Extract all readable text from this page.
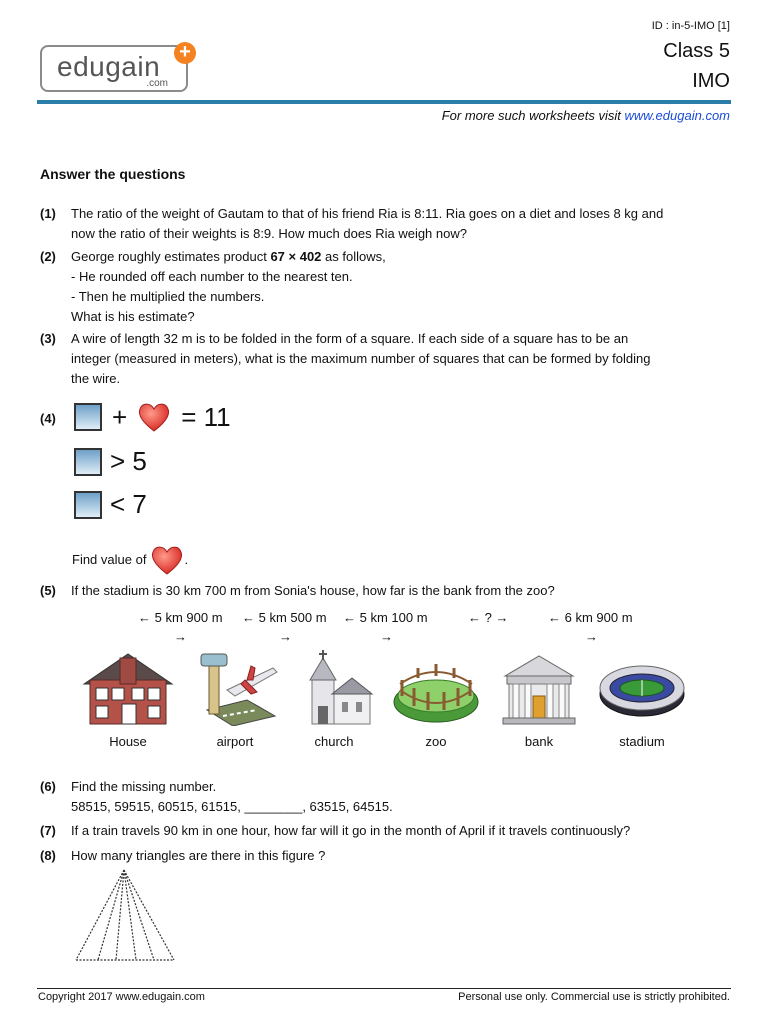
edugain
.com
+
ID : in-5-IMO [1]
Class 5
IMO
For more such worksheets visit www.edugain.com
Answer the questions
(1) The ratio of the weight of Gautam to that of his friend Ria is 8:11. Ria goes on a diet and loses 8 kg and
now the ratio of their weights is 8:9. How much does Ria weigh now?
(2) George roughly estimates product 67 × 402 as follows,
- He rounded off each number to the nearest ten.
- Then he multiplied the numbers.
What is his estimate?
(3) A wire of length 32 m is to be folded in the form of a square. If each side of a square has to be an
integer (measured in meters), what is the maximum number of squares that can be formed by folding
the wire.
(4) + = 11
> 5
< 7
Find value of	.
(5) If the stadium is 30 km 700 m from Sonia's house, how far is the bank from the zoo?
← 5 km 900 m
→
← 5 km 500 m
→
← 5 km 100 m
→
← ? →	← 6 km 900 m
→
House	airport	church	zoo	bank	stadium
(6) Find the missing number.
58515, 59515, 60515, 61515, ________, 63515, 64515.
(7) If a train travels 90 km in one hour, how far will it go in the month of April if it travels continuously?
(8) How many triangles are there in this figure ?
Copyright 2017 www.edugain.com	Personal use only. Commercial use is strictly prohibited.
